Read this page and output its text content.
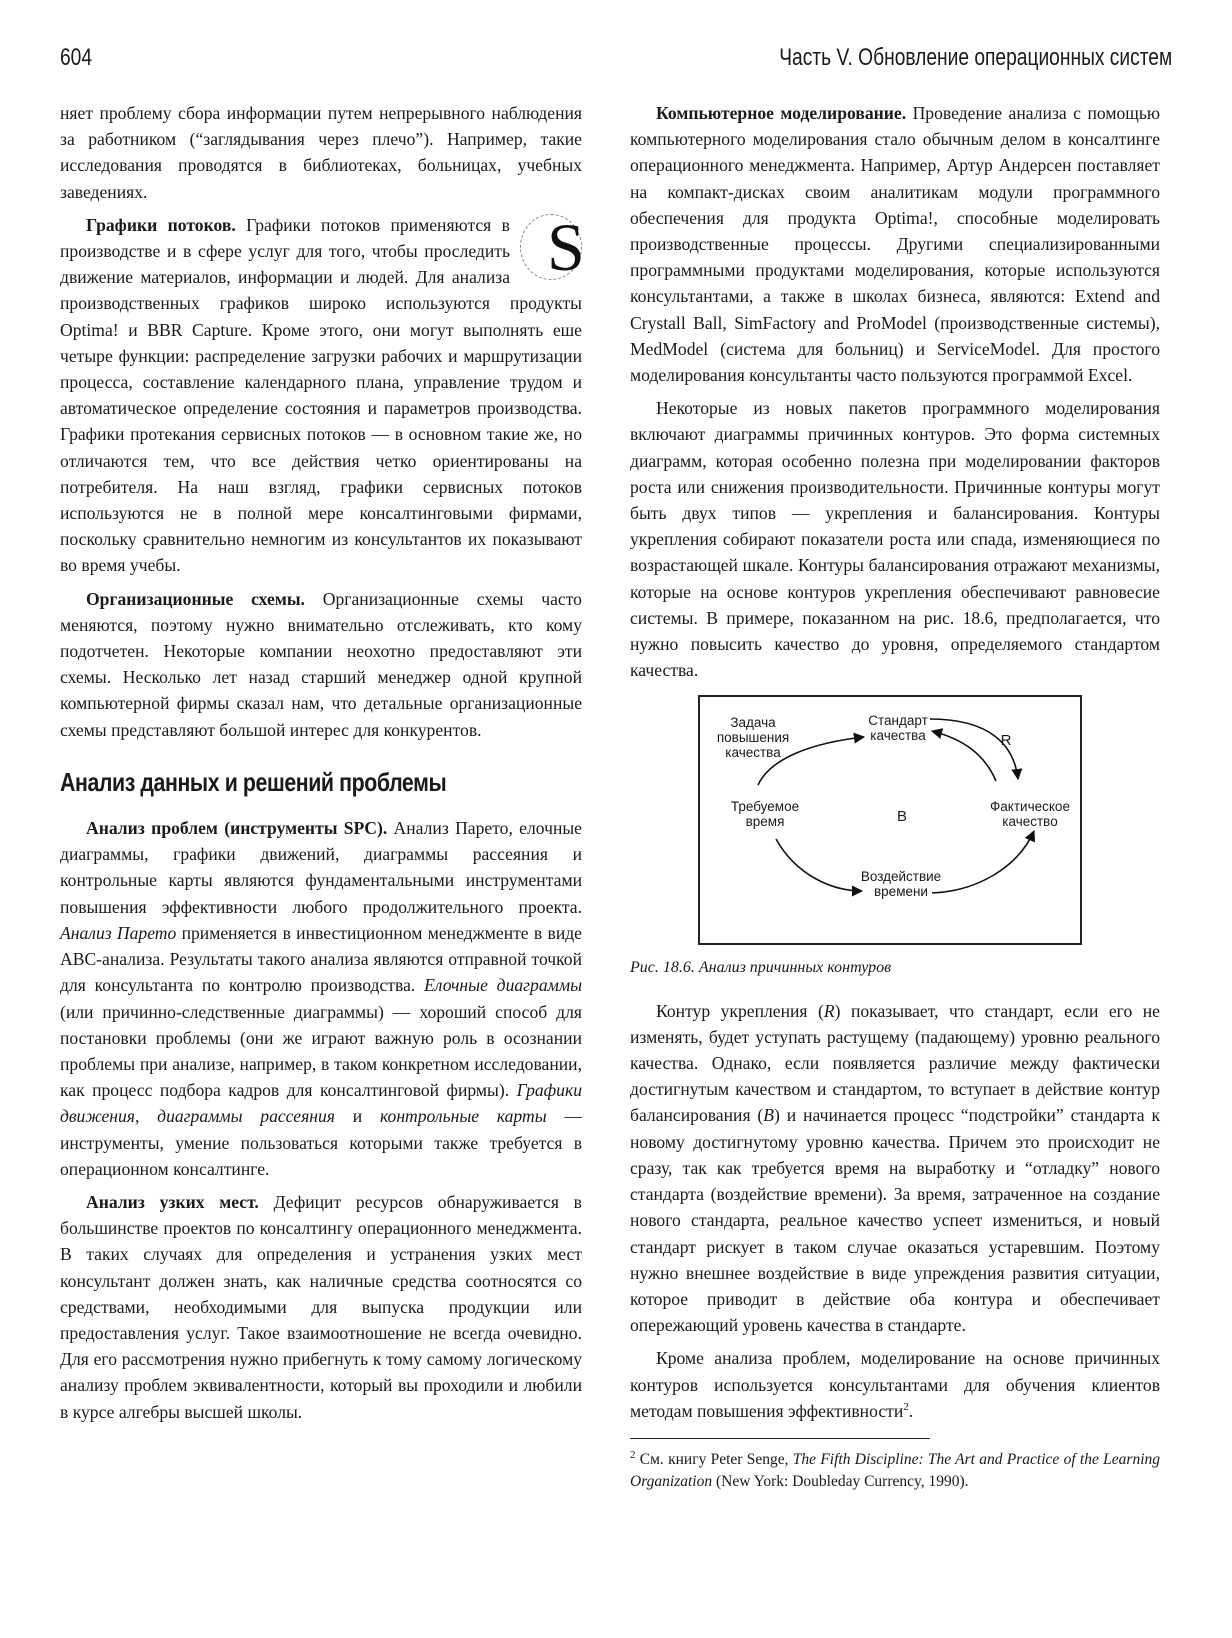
604	Часть V. Обновление операционных систем

няет проблему сбора информации путем непрерывного наблюдения за работником (“заглядывания через плечо”). Например, такие исследования проводятся в библиотеках, больницах, учебных заведениях.

S
Графики потоков. Графики потоков применяются в производстве и в сфере услуг для того, чтобы проследить движение материалов, информации и людей. Для анализа производственных графиков широко используются продукты Optima! и BBR Capture. Кроме этого, они могут выполнять еше четыре функции: распределение загрузки рабочих и маршрутизации процесса, составление календарного плана, управление трудом и автоматическое определение состояния и параметров производства. Графики протекания сервисных потоков — в основном такие же, но отличаются тем, что все действия четко ориентированы на потребителя. На наш взгляд, графики сервисных потоков используются не в полной мере консалтинговыми фирмами, поскольку сравнительно немногим из консультантов их показывают во время учебы.

Организационные схемы. Организационные схемы часто меняются, поэтому нужно внимательно отслеживать, кто кому подотчетен. Некоторые компании неохотно предоставляют эти схемы. Несколько лет назад старший менеджер одной крупной компьютерной фирмы сказал нам, что детальные организационные схемы представляют большой интерес для конкурентов.

Анализ данных и решений проблемы

Анализ проблем (инструменты SPC). Анализ Парето, елочные диаграммы, графики движений, диаграммы рассеяния и контрольные карты являются фундаментальными инструментами повышения эффективности любого продолжительного проекта. Анализ Парето применяется в инвестиционном менеджменте в виде ABC-анализа. Результаты такого анализа являются отправной точкой для консультанта по контролю производства. Елочные диаграммы (или причинно-следственные диаграммы) — хороший способ для постановки проблемы (они же играют важную роль в осознании проблемы при анализе, например, в таком конкретном исследовании, как процесс подбора кадров для консалтинговой фирмы). Графики движения, диаграммы рассеяния и контрольные карты — инструменты, умение пользоваться которыми также требуется в операционном консалтинге.

Анализ узких мест. Дефицит ресурсов обнаруживается в большинстве проектов по консалтингу операционного менеджмента. В таких случаях для определения и устранения узких мест консультант должен знать, как наличные средства соотносятся со средствами, необходимыми для выпуска продукции или предоставления услуг. Такое взаимоотношение не всегда очевидно. Для его рассмотрения нужно прибегнуть к тому самому логическому анализу проблем эквивалентности, который вы проходили и любили в курсе алгебры высшей школы.

Компьютерное моделирование. Проведение анализа с помощью компьютерного моделирования стало обычным делом в консалтинге операционного менеджмента. Например, Артур Андерсен поставляет на компакт-дисках своим аналитикам модули программного обеспечения для продукта Optima!, способные моделировать производственные процессы. Другими специализированными программными продуктами моделирования, которые используются консультантами, а также в школах бизнеса, являются: Extend and Crystall Ball, SimFactory and ProModel (производственные системы), MedModel (система для больниц) и ServiceModel. Для простого моделирования консультанты часто пользуются программой Excel.

Некоторые из новых пакетов программного моделирования включают диаграммы причинных контуров. Это форма системных диаграмм, которая особенно полезна при моделировании факторов роста или снижения производительности. Причинные контуры могут быть двух типов — укрепления и балансирования. Контуры укрепления собирают показатели роста или спада, изменяющиеся по возрастающей шкале. Контуры балансирования отражают механизмы, которые на основе контуров укрепления обеспечивают равновесие системы. В примере, показанном на рис. 18.6, предполагается, что нужно повысить качество до уровня, определяемого стандартом качества.

Задача
повышения
качества
Стандарт
качества	R
Требуемое
время	B
Фактическое
качество
Воздействие
времени
Рис. 18.6. Анализ причинных контуров

Контур укрепления (R) показывает, что стандарт, если его не изменять, будет уступать растущему (падающему) уровню реального качества. Однако, если появляется различие между фактически достигнутым качеством и стандартом, то вступает в действие контур балансирования (B) и начинается процесс “подстройки” стандарта к новому достигнутому уровню качества. Причем это происходит не сразу, так как требуется время на выработку и “отладку” нового стандарта (воздействие времени). За время, затраченное на создание нового стандарта, реальное качество успеет измениться, и новый стандарт рискует в таком случае оказаться устаревшим. Поэтому нужно внешнее воздействие в виде упреждения развития ситуации, которое приводит в действие оба контура и обеспечивает опережающий уровень качества в стандарте.

Кроме анализа проблем, моделирование на основе причинных контуров используется консультантами для обучения клиентов методам повышения эффективности$^2$.

$^2$ См. книгу Peter Senge, The Fifth Discipline: The Art and Practice of the Learning Organization (New York: Doubleday Currency, 1990).
